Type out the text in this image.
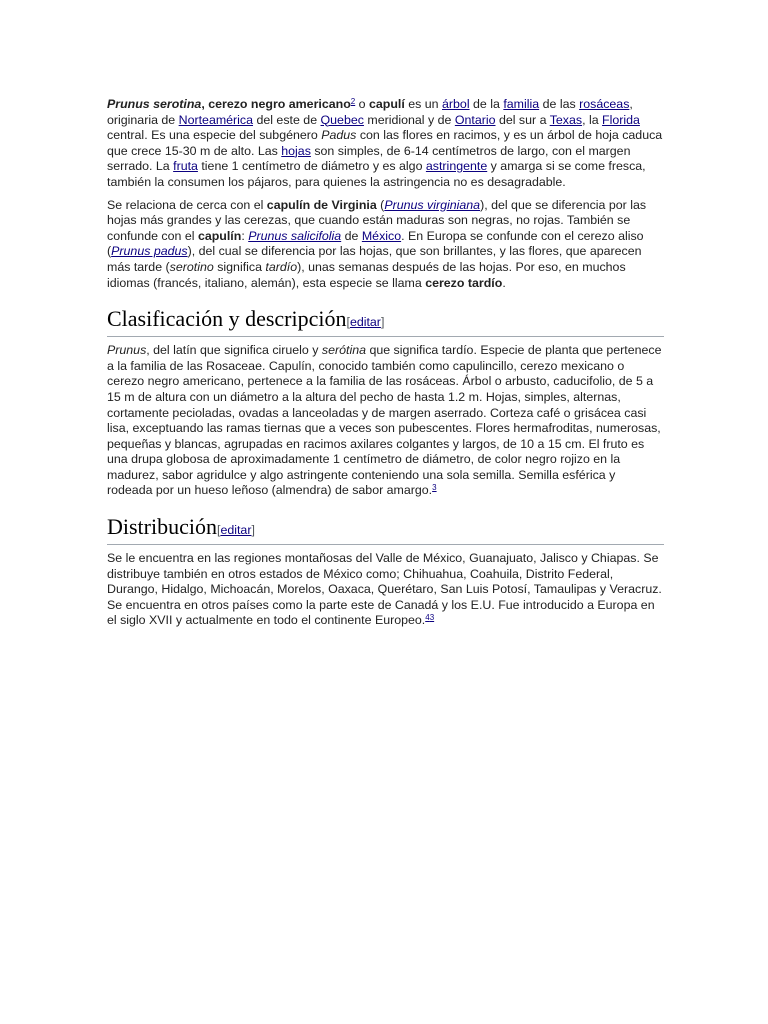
Prunus serotina, cerezo negro americano$^2$ o capulí es un árbol de la familia de las rosáceas, originaria de Norteamérica del este de Quebec meridional y de Ontario del sur a Texas, la Florida central. Es una especie del subgénero Padus con las flores en racimos, y es un árbol de hoja caduca que crece 15-30 m de alto. Las hojas son simples, de 6-14 centímetros de largo, con el margen serrado. La fruta tiene 1 centímetro de diámetro y es algo astringente y amarga si se come fresca, también la consumen los pájaros, para quienes la astringencia no es desagradable.

Se relaciona de cerca con el capulín de Virginia (Prunus virginiana), del que se diferencia por las hojas más grandes y las cerezas, que cuando están maduras son negras, no rojas. También se confunde con el capulín: Prunus salicifolia de México. En Europa se confunde con el cerezo aliso (Prunus padus), del cual se diferencia por las hojas, que son brillantes, y las flores, que aparecen más tarde (serotino significa tardío), unas semanas después de las hojas. Por eso, en muchos idiomas (francés, italiano, alemán), esta especie se llama cerezo tardío.

Clasificación y descripción[editar]

Prunus, del latín que significa ciruelo y serótina que significa tardío. Especie de planta que pertenece a la familia de las Rosaceae. Capulín, conocido también como capulincillo, cerezo mexicano o cerezo negro americano, pertenece a la familia de las rosáceas. Árbol o arbusto, caducifolio, de 5 a 15 m de altura con un diámetro a la altura del pecho de hasta 1.2 m. Hojas, simples, alternas, cortamente pecioladas, ovadas a lanceoladas y de margen aserrado. Corteza café o grisácea casi lisa, exceptuando las ramas tiernas que a veces son pubescentes. Flores hermafroditas, numerosas, pequeñas y blancas, agrupadas en racimos axilares colgantes y largos, de 10 a 15 cm. El fruto es una drupa globosa de aproximadamente 1 centímetro de diámetro, de color negro rojizo en la madurez, sabor agridulce y algo astringente conteniendo una sola semilla. Semilla esférica y rodeada por un hueso leñoso (almendra) de sabor amargo.$^3$

Distribución[editar]

Se le encuentra en las regiones montañosas del Valle de México, Guanajuato, Jalisco y Chiapas. Se distribuye también en otros estados de México como; Chihuahua, Coahuila, Distrito Federal, Durango, Hidalgo, Michoacán, Morelos, Oaxaca, Querétaro, San Luis Potosí, Tamaulipas y Veracruz. Se encuentra en otros países como la parte este de Canadá y los E.U. Fue introducido a Europa en el siglo XVII y actualmente en todo el continente Europeo.$^{43}$
